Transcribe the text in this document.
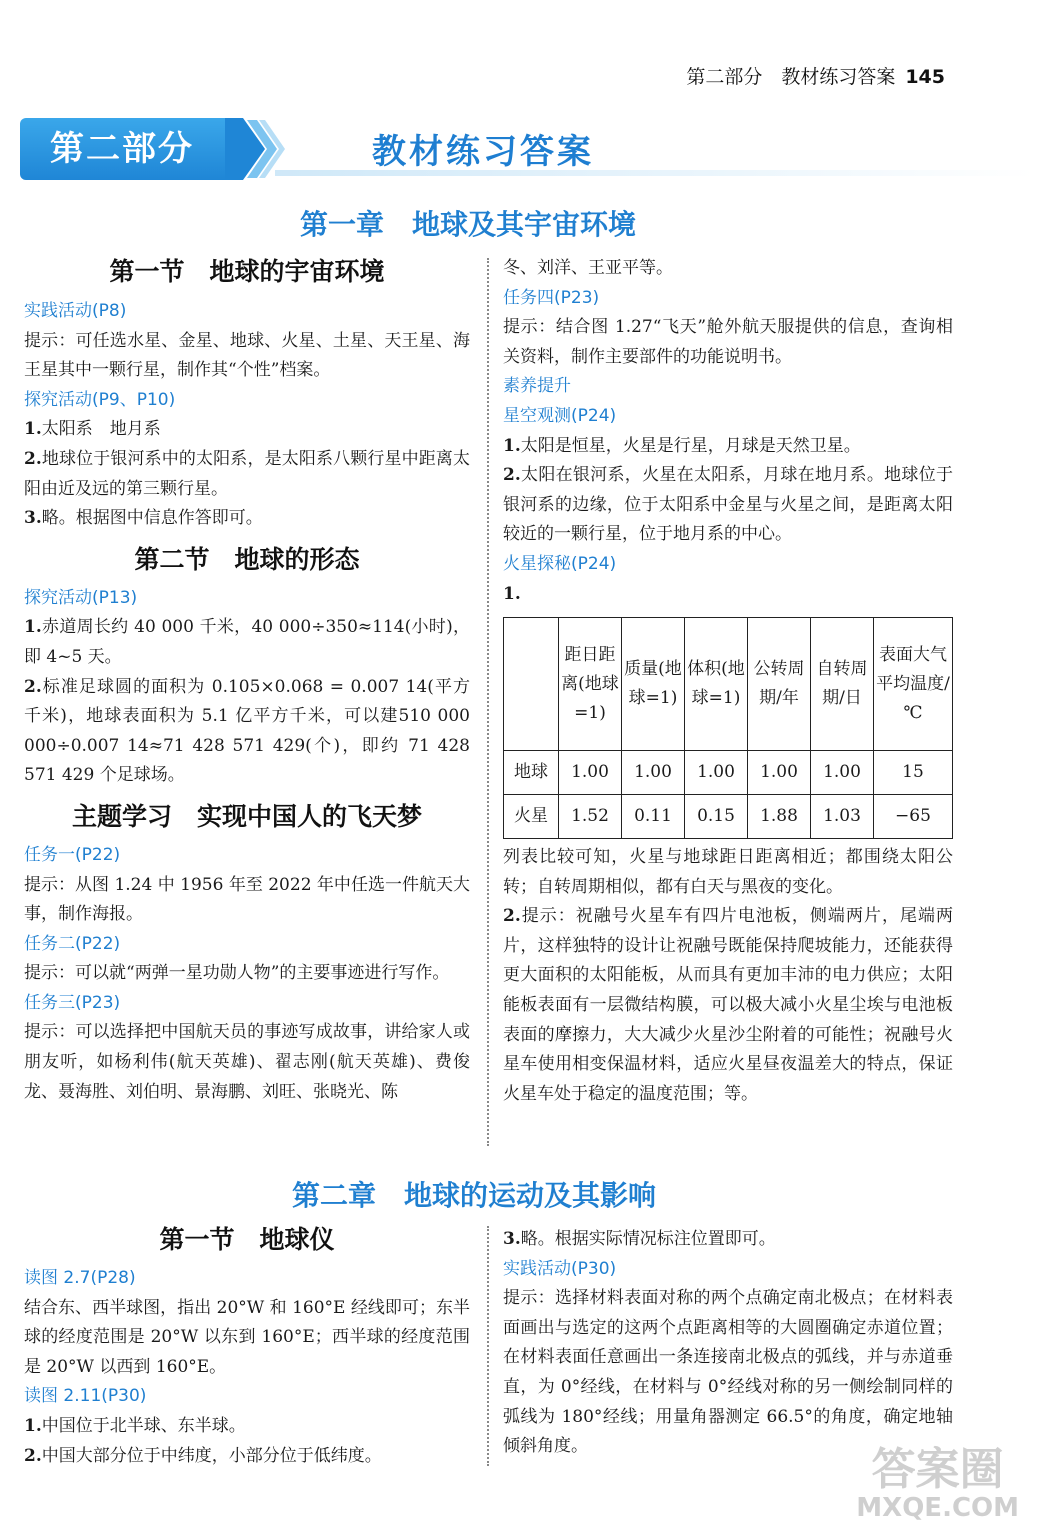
第二部分　教材练习答案 145
第二部分	教材练习答案
第一章　地球及其宇宙环境
第一节　地球的宇宙环境

实践活动(P8)

提示：可任选水星、金星、地球、火星、土星、天王星、海王星其中一颗行星，制作其“个性”档案。

探究活动(P9、P10)

1.太阳系　地月系

2.地球位于银河系中的太阳系，是太阳系八颗行星中距离太阳由近及远的第三颗行星。

3.略。根据图中信息作答即可。

第二节　地球的形态

探究活动(P13)

1.赤道周长约 40 000 千米，40 000÷350≈114(小时)，即 4~5 天。

2.标准足球圆的面积为 0.105×0.068 = 0.007 14(平方千米)，地球表面积为 5.1 亿平方千米，可以建510 000 000÷0.007 14≈71 428 571 429(个)，即约 71 428 571 429 个足球场。

主题学习　实现中国人的飞天梦

任务一(P22)

提示：从图 1.24 中 1956 年至 2022 年中任选一件航天大事，制作海报。

任务二(P22)

提示：可以就“两弹一星功勋人物”的主要事迹进行写作。

任务三(P23)

提示：可以选择把中国航天员的事迹写成故事，讲给家人或朋友听，如杨利伟(航天英雄)、翟志刚(航天英雄)、费俊龙、聂海胜、刘伯明、景海鹏、刘旺、张晓光、陈

冬、刘洋、王亚平等。

任务四(P23)

提示：结合图 1.27“飞天”舱外航天服提供的信息，查询相关资料，制作主要部件的功能说明书。

素养提升

星空观测(P24)

1.太阳是恒星，火星是行星，月球是天然卫星。

2.太阳在银河系，火星在太阳系，月球在地月系。地球位于银河系的边缘，位于太阳系中金星与火星之间，是距离太阳较近的一颗行星，位于地月系的中心。

火星探秘(P24)

1.

	距日距离(地球=1)	质量(地球=1)	体积(地球=1)	公转周期/年	自转周期/日	表面大气平均温度/℃
地球	1.00	1.00	1.00	1.00	1.00	15
火星	1.52	0.11	0.15	1.88	1.03	−65

列表比较可知，火星与地球距日距离相近；都围绕太阳公转；自转周期相似，都有白天与黑夜的变化。

2.提示：祝融号火星车有四片电池板，侧端两片，尾端两片，这样独特的设计让祝融号既能保持爬坡能力，还能获得更大面积的太阳能板，从而具有更加丰沛的电力供应；太阳能板表面有一层微结构膜，可以极大减小火星尘埃与电池板表面的摩擦力，大大减少火星沙尘附着的可能性；祝融号火星车使用相变保温材料，适应火星昼夜温差大的特点，保证火星车处于稳定的温度范围；等。

第二章　地球的运动及其影响
第一节　地球仪

读图 2.7(P28)

结合东、西半球图，指出 20°W 和 160°E 经线即可；东半球的经度范围是 20°W 以东到 160°E；西半球的经度范围是 20°W 以西到 160°E。

读图 2.11(P30)

1.中国位于北半球、东半球。

2.中国大部分位于中纬度，小部分位于低纬度。

3.略。根据实际情况标注位置即可。

实践活动(P30)

提示：选择材料表面对称的两个点确定南北极点；在材料表面画出与选定的这两个点距离相等的大圆圈确定赤道位置；在材料表面任意画出一条连接南北极点的弧线，并与赤道垂直，为 0°经线，在材料与 0°经线对称的另一侧绘制同样的弧线为 180°经线；用量角器测定 66.5°的角度，确定地轴倾斜角度。	答案圈
MXQE.COM
